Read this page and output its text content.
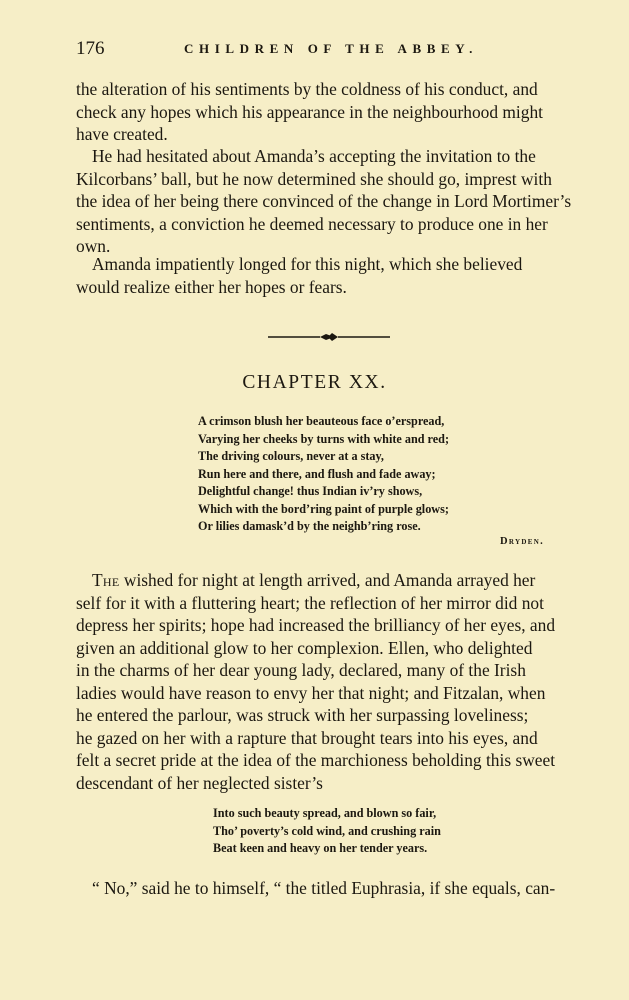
176	CHILDREN OF THE ABBEY.

the alteration of his sentiments by the coldness of his conduct, and
check any hopes which his appearance in the neighbourhood might
have created.

He had hesitated about Amanda’s accepting the invitation to the
Kilcorbans’ ball, but he now determined she should go, imprest with
the idea of her being there convinced of the change in Lord Mortimer’s
sentiments, a conviction he deemed necessary to produce one in her
own.

Amanda impatiently longed for this night, which she believed
would realize either her hopes or fears.

CHAPTER XX.
A crimson blush her beauteous face o’erspread,
Varying her cheeks by turns with white and red;
The driving colours, never at a stay,
Run here and there, and flush and fade away;
Delightful change! thus Indian iv’ry shows,
Which with the bord’ring paint of purple glows;
Or lilies damask’d by the neighb’ring rose.
Dryden.

The wished for night at length arrived, and Amanda arrayed her
self for it with a fluttering heart; the reflection of her mirror did not
depress her spirits; hope had increased the brilliancy of her eyes, and
given an additional glow to her complexion. Ellen, who delighted
in the charms of her dear young lady, declared, many of the Irish
ladies would have reason to envy her that night; and Fitzalan, when
he entered the parlour, was struck with her surpassing loveliness;
he gazed on her with a rapture that brought tears into his eyes, and
felt a secret pride at the idea of the marchioness beholding this sweet
descendant of her neglected sister’s

Into such beauty spread, and blown so fair,
Tho’ poverty’s cold wind, and crushing rain
Beat keen and heavy on her tender years.

“ No,” said he to himself, “ the titled Euphrasia, if she equals, can-
